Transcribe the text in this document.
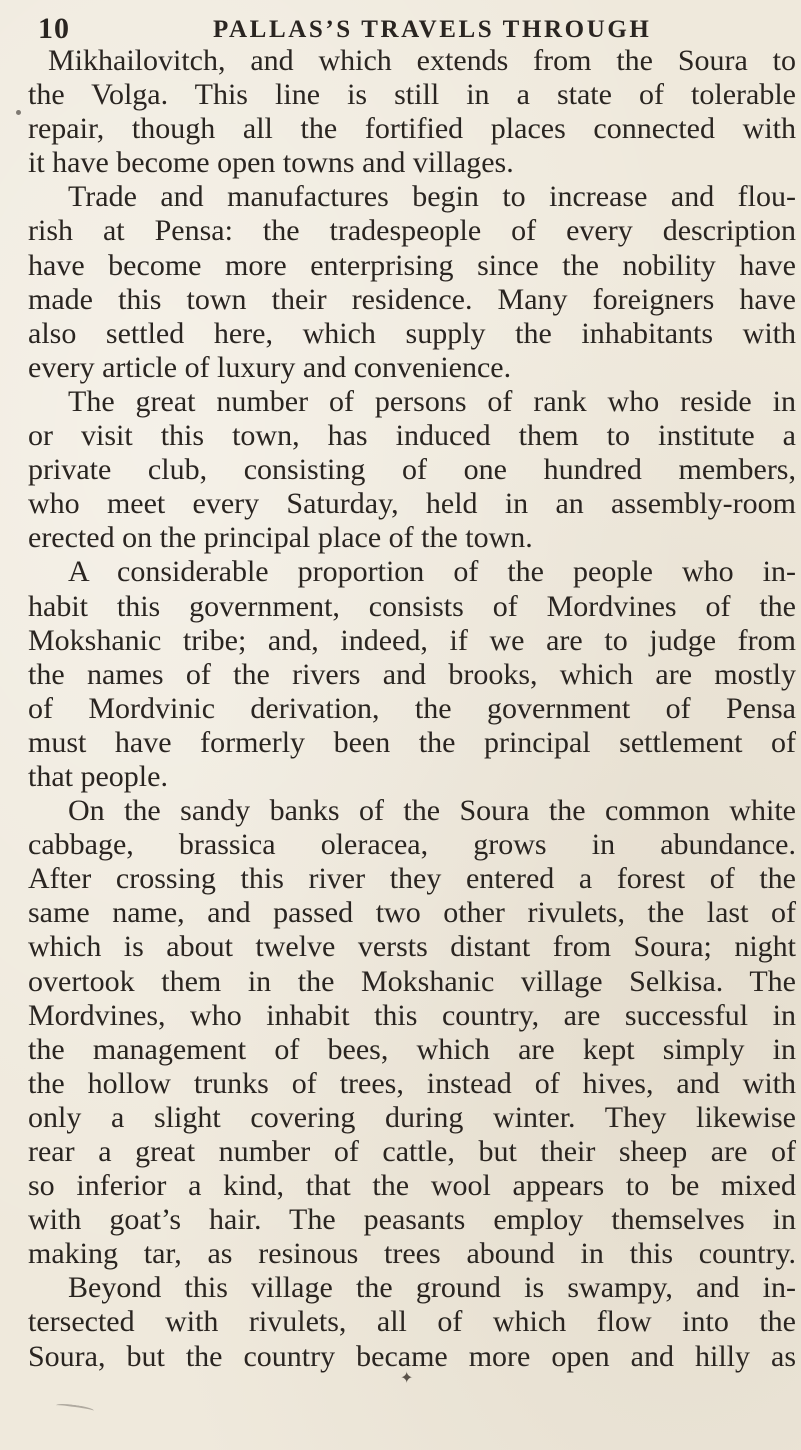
10	PALLAS’S TRAVELS THROUGH
Mikhailovitch, and which extends from the Soura to
the Volga. This line is still in a state of tolerable
repair, though all the fortified places connected with
it have become open towns and villages.
Trade and manufactures begin to increase and flou-
rish at Pensa: the tradespeople of every description
have become more enterprising since the nobility have
made this town their residence. Many foreigners have
also settled here, which supply the inhabitants with
every article of luxury and convenience.
The great number of persons of rank who reside in
or visit this town, has induced them to institute a
private club, consisting of one hundred members,
who meet every Saturday, held in an assembly-room
erected on the principal place of the town.
A considerable proportion of the people who in-
habit this government, consists of Mordvines of the
Mokshanic tribe; and, indeed, if we are to judge from
the names of the rivers and brooks, which are mostly
of Mordvinic derivation, the government of Pensa
must have formerly been the principal settlement of
that people.
On the sandy banks of the Soura the common white
cabbage, brassica oleracea, grows in abundance.
After crossing this river they entered a forest of the
same name, and passed two other rivulets, the last of
which is about twelve versts distant from Soura; night
overtook them in the Mokshanic village Selkisa. The
Mordvines, who inhabit this country, are successful in
the management of bees, which are kept simply in
the hollow trunks of trees, instead of hives, and with
only a slight covering during winter. They likewise
rear a great number of cattle, but their sheep are of
so inferior a kind, that the wool appears to be mixed
with goat’s hair. The peasants employ themselves in
making tar, as resinous trees abound in this country.
Beyond this village the ground is swampy, and in-
tersected with rivulets, all of which flow into the
Soura, but the country became more open and hilly as
✦
